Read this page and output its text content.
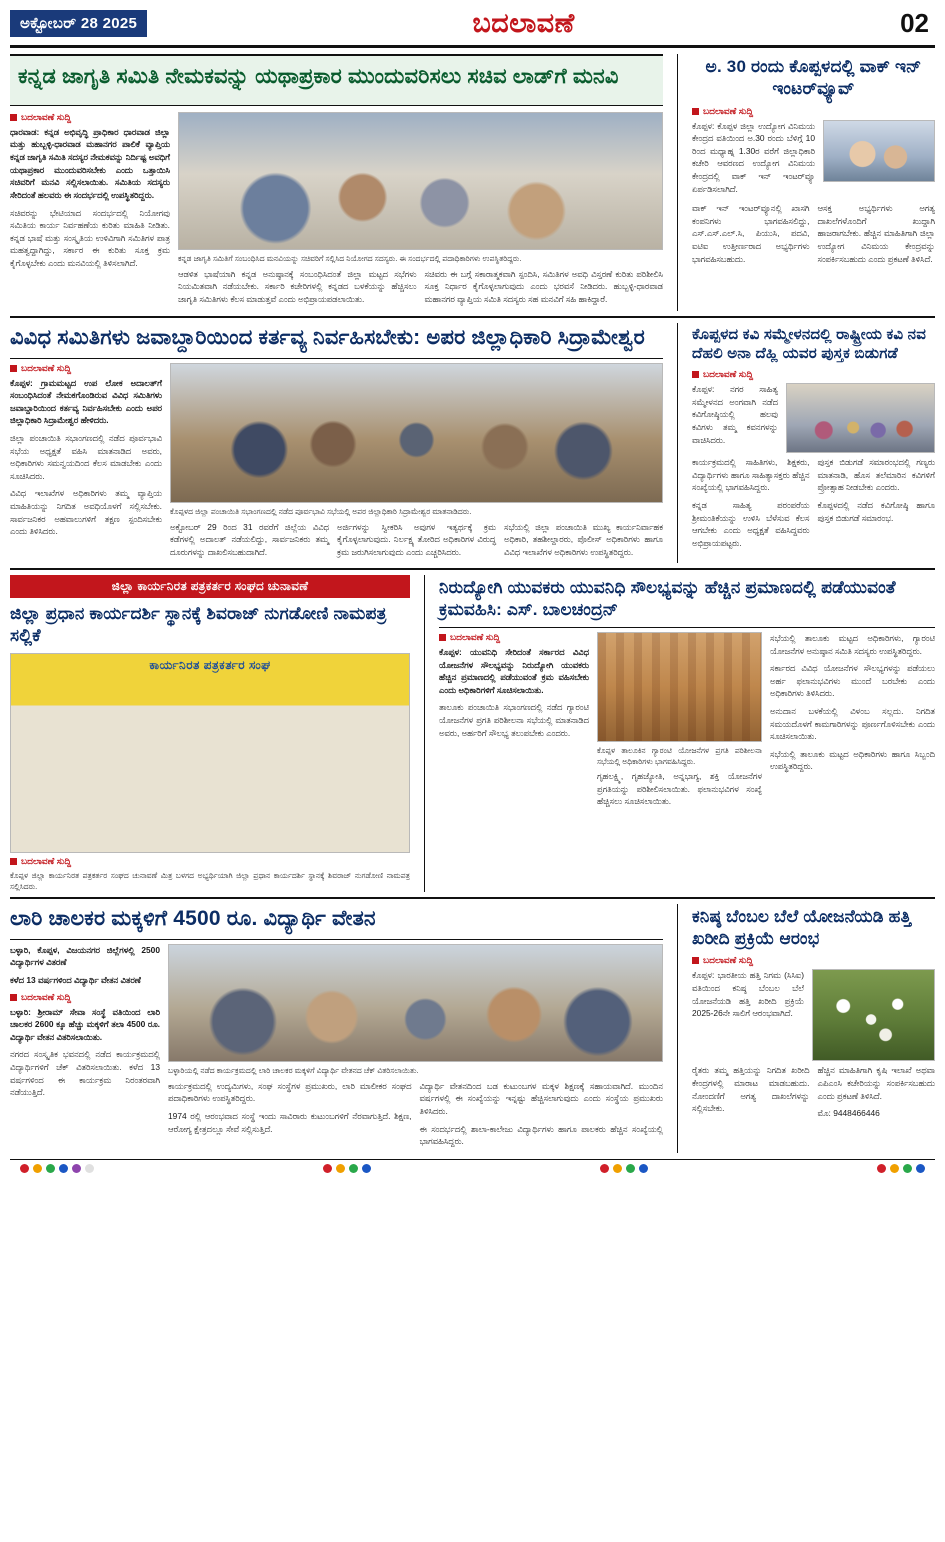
ಅಕ್ಟೋಬರ್ 28 2025	ಬದಲಾವಣೆ	02
ಕನ್ನಡ ಜಾಗೃತಿ ಸಮಿತಿ ನೇಮಕವನ್ನು ಯಥಾಪ್ರಕಾರ ಮುಂದುವರಿಸಲು ಸಚಿವ ಲಾಡ್‌ಗೆ ಮನವಿ
ಬದಲಾವಣೆ ಸುದ್ದಿ

ಧಾರವಾಡ: ಕನ್ನಡ ಅಭಿವೃದ್ಧಿ ಪ್ರಾಧಿಕಾರ ಧಾರವಾಡ ಜಿಲ್ಲಾ ಮತ್ತು ಹುಬ್ಬಳ್ಳಿ-ಧಾರವಾಡ ಮಹಾನಗರ ಪಾಲಿಕೆ ವ್ಯಾಪ್ತಿಯ ಕನ್ನಡ ಜಾಗೃತಿ ಸಮಿತಿ ಸದಸ್ಯರ ನೇಮಕವನ್ನು ನಿರ್ದಿಷ್ಟ ಅವಧಿಗೆ ಯಥಾಪ್ರಕಾರ ಮುಂದುವರಿಸಬೇಕು ಎಂದು ಒತ್ತಾಯಿಸಿ ಸಚಿವರಿಗೆ ಮನವಿ ಸಲ್ಲಿಸಲಾಯಿತು. ಸಮಿತಿಯ ಸದಸ್ಯರು ಸೇರಿದಂತೆ ಹಲವರು ಈ ಸಂದರ್ಭದಲ್ಲಿ ಉಪಸ್ಥಿತರಿದ್ದರು.

ಸಚಿವರನ್ನು ಭೇಟಿಯಾದ ಸಂದರ್ಭದಲ್ಲಿ ನಿಯೋಗವು ಸಮಿತಿಯ ಕಾರ್ಯ ನಿರ್ವಹಣೆಯ ಕುರಿತು ಮಾಹಿತಿ ನೀಡಿತು. ಕನ್ನಡ ಭಾಷೆ ಮತ್ತು ಸಂಸ್ಕೃತಿಯ ಉಳಿವಿಗಾಗಿ ಸಮಿತಿಗಳ ಪಾತ್ರ ಮಹತ್ವದ್ದಾಗಿದ್ದು, ಸರ್ಕಾರ ಈ ಕುರಿತು ಸೂಕ್ತ ಕ್ರಮ ಕೈಗೊಳ್ಳಬೇಕು ಎಂದು ಮನವಿಯಲ್ಲಿ ತಿಳಿಸಲಾಗಿದೆ.	ಕನ್ನಡ ಜಾಗೃತಿ ಸಮಿತಿಗೆ ಸಂಬಂಧಿಸಿದ ಮನವಿಯನ್ನು ಸಚಿವರಿಗೆ ಸಲ್ಲಿಸಿದ ನಿಯೋಗದ ಸದಸ್ಯರು. ಈ ಸಂದರ್ಭದಲ್ಲಿ ಪದಾಧಿಕಾರಿಗಳು ಉಪಸ್ಥಿತರಿದ್ದರು.

ಆಡಳಿತ ಭಾಷೆಯಾಗಿ ಕನ್ನಡ ಅನುಷ್ಠಾನಕ್ಕೆ ಸಂಬಂಧಿಸಿದಂತೆ ಜಿಲ್ಲಾ ಮಟ್ಟದ ಸಭೆಗಳು ನಿಯಮಿತವಾಗಿ ನಡೆಯಬೇಕು. ಸರ್ಕಾರಿ ಕಚೇರಿಗಳಲ್ಲಿ ಕನ್ನಡದ ಬಳಕೆಯನ್ನು ಹೆಚ್ಚಿಸಲು ಜಾಗೃತಿ ಸಮಿತಿಗಳು ಕೆಲಸ ಮಾಡುತ್ತವೆ ಎಂದು ಅಭಿಪ್ರಾಯಪಡಲಾಯಿತು.

ಸಚಿವರು ಈ ಬಗ್ಗೆ ಸಕಾರಾತ್ಮಕವಾಗಿ ಸ್ಪಂದಿಸಿ, ಸಮಿತಿಗಳ ಅವಧಿ ವಿಸ್ತರಣೆ ಕುರಿತು ಪರಿಶೀಲಿಸಿ ಸೂಕ್ತ ನಿರ್ಧಾರ ಕೈಗೊಳ್ಳಲಾಗುವುದು ಎಂದು ಭರವಸೆ ನೀಡಿದರು. ಹುಬ್ಬಳ್ಳಿ-ಧಾರವಾಡ ಮಹಾನಗರ ವ್ಯಾಪ್ತಿಯ ಸಮಿತಿ ಸದಸ್ಯರು ಸಹ ಮನವಿಗೆ ಸಹಿ ಹಾಕಿದ್ದಾರೆ.

ಅ. 30 ರಂದು ಕೊಪ್ಪಳದಲ್ಲಿ ವಾಕ್ ಇನ್ ಇಂಟರ್‌ವ್ಯೂವ್
ಬದಲಾವಣೆ ಸುದ್ದಿ

ಕೊಪ್ಪಳ: ಕೊಪ್ಪಳ ಜಿಲ್ಲಾ ಉದ್ಯೋಗ ವಿನಿಮಯ ಕೇಂದ್ರದ ವತಿಯಿಂದ ಅ.30 ರಂದು ಬೆಳಿಗ್ಗೆ 10 ರಿಂದ ಮಧ್ಯಾಹ್ನ 1.30ರ ವರೆಗೆ ಜಿಲ್ಲಾಧಿಕಾರಿ ಕಚೇರಿ ಆವರಣದ ಉದ್ಯೋಗ ವಿನಿಮಯ ಕೇಂದ್ರದಲ್ಲಿ ವಾಕ್ ಇನ್ ಇಂಟರ್‌ವ್ಯೂ ಏರ್ಪಡಿಸಲಾಗಿದೆ.

ವಾಕ್ ಇನ್ ಇಂಟರ್‌ವ್ಯೂನಲ್ಲಿ ಖಾಸಗಿ ಕಂಪನಿಗಳು ಭಾಗವಹಿಸಲಿದ್ದು, ಎಸ್.ಎಸ್.ಎಲ್.ಸಿ, ಪಿಯುಸಿ, ಪದವಿ, ಐಟಿಐ ಉತ್ತೀರ್ಣರಾದ ಅಭ್ಯರ್ಥಿಗಳು ಭಾಗವಹಿಸಬಹುದು.

ಆಸಕ್ತ ಅಭ್ಯರ್ಥಿಗಳು ಅಗತ್ಯ ದಾಖಲೆಗಳೊಂದಿಗೆ ಖುದ್ದಾಗಿ ಹಾಜರಾಗಬೇಕು. ಹೆಚ್ಚಿನ ಮಾಹಿತಿಗಾಗಿ ಜಿಲ್ಲಾ ಉದ್ಯೋಗ ವಿನಿಮಯ ಕೇಂದ್ರವನ್ನು ಸಂಪರ್ಕಿಸಬಹುದು ಎಂದು ಪ್ರಕಟಣೆ ತಿಳಿಸಿದೆ.

ವಿವಿಧ ಸಮಿತಿಗಳು ಜವಾಬ್ದಾರಿಯಿಂದ ಕರ್ತವ್ಯ ನಿರ್ವಹಿಸಬೇಕು: ಅಪರ ಜಿಲ್ಲಾಧಿಕಾರಿ ಸಿದ್ರಾಮೇಶ್ವರ
ಬದಲಾವಣೆ ಸುದ್ದಿ

ಕೊಪ್ಪಳ: ಗ್ರಾಮಮಟ್ಟದ ಉಪ ಲೋಕ ಅದಾಲತ್‌ಗೆ ಸಂಬಂಧಿಸಿದಂತೆ ನೇಮಕಗೊಂಡಿರುವ ವಿವಿಧ ಸಮಿತಿಗಳು ಜವಾಬ್ದಾರಿಯಿಂದ ಕರ್ತವ್ಯ ನಿರ್ವಹಿಸಬೇಕು ಎಂದು ಅಪರ ಜಿಲ್ಲಾಧಿಕಾರಿ ಸಿದ್ರಾಮೇಶ್ವರ ಹೇಳಿದರು.

ಜಿಲ್ಲಾ ಪಂಚಾಯಿತಿ ಸಭಾಂಗಣದಲ್ಲಿ ನಡೆದ ಪೂರ್ವಭಾವಿ ಸಭೆಯ ಅಧ್ಯಕ್ಷತೆ ವಹಿಸಿ ಮಾತನಾಡಿದ ಅವರು, ಅಧಿಕಾರಿಗಳು ಸಮನ್ವಯದಿಂದ ಕೆಲಸ ಮಾಡಬೇಕು ಎಂದು ಸೂಚಿಸಿದರು.

ವಿವಿಧ ಇಲಾಖೆಗಳ ಅಧಿಕಾರಿಗಳು ತಮ್ಮ ವ್ಯಾಪ್ತಿಯ ಮಾಹಿತಿಯನ್ನು ನಿಗದಿತ ಅವಧಿಯೊಳಗೆ ಸಲ್ಲಿಸಬೇಕು. ಸಾರ್ವಜನಿಕರ ಅಹವಾಲುಗಳಿಗೆ ತಕ್ಷಣ ಸ್ಪಂದಿಸಬೇಕು ಎಂದು ತಿಳಿಸಿದರು.

ಕೊಪ್ಪಳದ ಜಿಲ್ಲಾ ಪಂಚಾಯಿತಿ ಸಭಾಂಗಣದಲ್ಲಿ ನಡೆದ ಪೂರ್ವಭಾವಿ ಸಭೆಯಲ್ಲಿ ಅಪರ ಜಿಲ್ಲಾಧಿಕಾರಿ ಸಿದ್ರಾಮೇಶ್ವರ ಮಾತನಾಡಿದರು.

ಅಕ್ಟೋಬರ್ 29 ರಿಂದ 31 ರವರೆಗೆ ಜಿಲ್ಲೆಯ ವಿವಿಧ ಕಡೆಗಳಲ್ಲಿ ಅದಾಲತ್ ನಡೆಯಲಿದ್ದು, ಸಾರ್ವಜನಿಕರು ತಮ್ಮ ದೂರುಗಳನ್ನು ದಾಖಲಿಸಬಹುದಾಗಿದೆ.

ಅರ್ಜಿಗಳನ್ನು ಸ್ವೀಕರಿಸಿ ಅವುಗಳ ಇತ್ಯರ್ಥಕ್ಕೆ ಕ್ರಮ ಕೈಗೊಳ್ಳಲಾಗುವುದು. ನಿರ್ಲಕ್ಷ್ಯ ತೋರಿದ ಅಧಿಕಾರಿಗಳ ವಿರುದ್ಧ ಕ್ರಮ ಜರುಗಿಸಲಾಗುವುದು ಎಂದು ಎಚ್ಚರಿಸಿದರು.

ಸಭೆಯಲ್ಲಿ ಜಿಲ್ಲಾ ಪಂಚಾಯಿತಿ ಮುಖ್ಯ ಕಾರ್ಯನಿರ್ವಾಹಕ ಅಧಿಕಾರಿ, ತಹಶೀಲ್ದಾರರು, ಪೊಲೀಸ್ ಅಧಿಕಾರಿಗಳು ಹಾಗೂ ವಿವಿಧ ಇಲಾಖೆಗಳ ಅಧಿಕಾರಿಗಳು ಉಪಸ್ಥಿತರಿದ್ದರು.

ಕೊಪ್ಪಳದ ಕವಿ ಸಮ್ಮೇಳನದಲ್ಲಿ ರಾಷ್ಟ್ರೀಯ ಕವಿ ನವ ದೆಹಲಿ ಅನಾ ದೆಹ್ಲಿ ಯವರ ಪುಸ್ತಕ ಬಿಡುಗಡೆ
ಬದಲಾವಣೆ ಸುದ್ದಿ

ಕೊಪ್ಪಳ: ನಗರ ಸಾಹಿತ್ಯ ಸಮ್ಮೇಳನದ ಅಂಗವಾಗಿ ನಡೆದ ಕವಿಗೋಷ್ಠಿಯಲ್ಲಿ ಹಲವು ಕವಿಗಳು ತಮ್ಮ ಕವನಗಳನ್ನು ವಾಚಿಸಿದರು.

ಕಾರ್ಯಕ್ರಮದಲ್ಲಿ ಸಾಹಿತಿಗಳು, ಶಿಕ್ಷಕರು, ವಿದ್ಯಾರ್ಥಿಗಳು ಹಾಗೂ ಸಾಹಿತ್ಯಾಸಕ್ತರು ಹೆಚ್ಚಿನ ಸಂಖ್ಯೆಯಲ್ಲಿ ಭಾಗವಹಿಸಿದ್ದರು.

ಕನ್ನಡ ಸಾಹಿತ್ಯ ಪರಂಪರೆಯ ಶ್ರೀಮಂತಿಕೆಯನ್ನು ಉಳಿಸಿ ಬೆಳೆಸುವ ಕೆಲಸ ಆಗಬೇಕು ಎಂದು ಅಧ್ಯಕ್ಷತೆ ವಹಿಸಿದ್ದವರು ಅಭಿಪ್ರಾಯಪಟ್ಟರು.

ಪುಸ್ತಕ ಬಿಡುಗಡೆ ಸಮಾರಂಭದಲ್ಲಿ ಗಣ್ಯರು ಮಾತನಾಡಿ, ಹೊಸ ತಲೆಮಾರಿನ ಕವಿಗಳಿಗೆ ಪ್ರೋತ್ಸಾಹ ನೀಡಬೇಕು ಎಂದರು.

ಕೊಪ್ಪಳದಲ್ಲಿ ನಡೆದ ಕವಿಗೋಷ್ಠಿ ಹಾಗೂ ಪುಸ್ತಕ ಬಿಡುಗಡೆ ಸಮಾರಂಭ.

ಜಿಲ್ಲಾ ಕಾರ್ಯನಿರತ ಪತ್ರಕರ್ತರ ಸಂಘದ ಚುನಾವಣೆ
ಜಿಲ್ಲಾ ಪ್ರಧಾನ ಕಾರ್ಯದರ್ಶಿ ಸ್ಥಾನಕ್ಕೆ ಶಿವರಾಜ್ ನುಗಡೋಣಿ ನಾಮಪತ್ರ ಸಲ್ಲಿಕೆ
ಕಾರ್ಯನಿರತ ಪತ್ರಕರ್ತರ ಸಂಘ
ಬದಲಾವಣೆ ಸುದ್ದಿ
ಕೊಪ್ಪಳ ಜಿಲ್ಲಾ ಕಾರ್ಯನಿರತ ಪತ್ರಕರ್ತರ ಸಂಘದ ಚುನಾವಣೆ ಮಿತ್ರ ಬಳಗದ ಅಭ್ಯರ್ಥಿಯಾಗಿ ಜಿಲ್ಲಾ ಪ್ರಧಾನ ಕಾರ್ಯದರ್ಶಿ ಸ್ಥಾನಕ್ಕೆ ಶಿವರಾಜ್ ನುಗಡೋಣಿ ನಾಮಪತ್ರ ಸಲ್ಲಿಸಿದರು.
ನಿರುದ್ಯೋಗಿ ಯುವಕರು ಯುವನಿಧಿ ಸೌಲಭ್ಯವನ್ನು ಹೆಚ್ಚಿನ ಪ್ರಮಾಣದಲ್ಲಿ ಪಡೆಯುವಂತೆ ಕ್ರಮವಹಿಸಿ: ಎಸ್. ಬಾಲಚಂದ್ರನ್
ಬದಲಾವಣೆ ಸುದ್ದಿ

ಕೊಪ್ಪಳ: ಯುವನಿಧಿ ಸೇರಿದಂತೆ ಸರ್ಕಾರದ ವಿವಿಧ ಯೋಜನೆಗಳ ಸೌಲಭ್ಯವನ್ನು ನಿರುದ್ಯೋಗಿ ಯುವಕರು ಹೆಚ್ಚಿನ ಪ್ರಮಾಣದಲ್ಲಿ ಪಡೆಯುವಂತೆ ಕ್ರಮ ವಹಿಸಬೇಕು ಎಂದು ಅಧಿಕಾರಿಗಳಿಗೆ ಸೂಚಿಸಲಾಯಿತು.

ತಾಲೂಕು ಪಂಚಾಯಿತಿ ಸಭಾಂಗಣದಲ್ಲಿ ನಡೆದ ಗ್ಯಾರಂಟಿ ಯೋಜನೆಗಳ ಪ್ರಗತಿ ಪರಿಶೀಲನಾ ಸಭೆಯಲ್ಲಿ ಮಾತನಾಡಿದ ಅವರು, ಅರ್ಹರಿಗೆ ಸೌಲಭ್ಯ ತಲುಪಬೇಕು ಎಂದರು.

ಕೊಪ್ಪಳ ತಾಲೂಕಿನ ಗ್ಯಾರಂಟಿ ಯೋಜನೆಗಳ ಪ್ರಗತಿ ಪರಿಶೀಲನಾ ಸಭೆಯಲ್ಲಿ ಅಧಿಕಾರಿಗಳು ಭಾಗವಹಿಸಿದ್ದರು.

ಗೃಹಲಕ್ಷ್ಮಿ, ಗೃಹಜ್ಯೋತಿ, ಅನ್ನಭಾಗ್ಯ, ಶಕ್ತಿ ಯೋಜನೆಗಳ ಪ್ರಗತಿಯನ್ನು ಪರಿಶೀಲಿಸಲಾಯಿತು. ಫಲಾನುಭವಿಗಳ ಸಂಖ್ಯೆ ಹೆಚ್ಚಿಸಲು ಸೂಚಿಸಲಾಯಿತು.

ಸಭೆಯಲ್ಲಿ ತಾಲೂಕು ಮಟ್ಟದ ಅಧಿಕಾರಿಗಳು, ಗ್ಯಾರಂಟಿ ಯೋಜನೆಗಳ ಅನುಷ್ಠಾನ ಸಮಿತಿ ಸದಸ್ಯರು ಉಪಸ್ಥಿತರಿದ್ದರು.

ಸರ್ಕಾರದ ವಿವಿಧ ಯೋಜನೆಗಳ ಸೌಲಭ್ಯಗಳನ್ನು ಪಡೆಯಲು ಅರ್ಹ ಫಲಾನುಭವಿಗಳು ಮುಂದೆ ಬರಬೇಕು ಎಂದು ಅಧಿಕಾರಿಗಳು ತಿಳಿಸಿದರು.

ಅನುದಾನ ಬಳಕೆಯಲ್ಲಿ ವಿಳಂಬ ಸಲ್ಲದು. ನಿಗದಿತ ಸಮಯದೊಳಗೆ ಕಾಮಗಾರಿಗಳನ್ನು ಪೂರ್ಣಗೊಳಿಸಬೇಕು ಎಂದು ಸೂಚಿಸಲಾಯಿತು.

ಸಭೆಯಲ್ಲಿ ತಾಲೂಕು ಮಟ್ಟದ ಅಧಿಕಾರಿಗಳು ಹಾಗೂ ಸಿಬ್ಬಂದಿ ಉಪಸ್ಥಿತರಿದ್ದರು.

ಲಾರಿ ಚಾಲಕರ ಮಕ್ಕಳಿಗೆ 4500 ರೂ. ವಿದ್ಯಾರ್ಥಿ ವೇತನ

ಬಳ್ಳಾರಿ, ಕೊಪ್ಪಳ, ವಿಜಯನಗರ ಜಿಲ್ಲೆಗಳಲ್ಲಿ 2500 ವಿದ್ಯಾರ್ಥಿಗಳ ವಿತರಣೆ

ಕಳೆದ 13 ವರ್ಷಗಳಿಂದ ವಿದ್ಯಾರ್ಥಿ ವೇತನ ವಿತರಣೆ

ಬದಲಾವಣೆ ಸುದ್ದಿ

ಬಳ್ಳಾರಿ: ಶ್ರೀರಾಮ್ ಸೇವಾ ಸಂಸ್ಥೆ ವತಿಯಿಂದ ಲಾರಿ ಚಾಲಕರ 2600 ಕ್ಕೂ ಹೆಚ್ಚು ಮಕ್ಕಳಿಗೆ ತಲಾ 4500 ರೂ. ವಿದ್ಯಾರ್ಥಿ ವೇತನ ವಿತರಿಸಲಾಯಿತು.

ನಗರದ ಸಂಸ್ಕೃತಿಕ ಭವನದಲ್ಲಿ ನಡೆದ ಕಾರ್ಯಕ್ರಮದಲ್ಲಿ ವಿದ್ಯಾರ್ಥಿಗಳಿಗೆ ಚೆಕ್ ವಿತರಿಸಲಾಯಿತು. ಕಳೆದ 13 ವರ್ಷಗಳಿಂದ ಈ ಕಾರ್ಯಕ್ರಮ ನಿರಂತರವಾಗಿ ನಡೆಯುತ್ತಿದೆ.

ಬಳ್ಳಾರಿಯಲ್ಲಿ ನಡೆದ ಕಾರ್ಯಕ್ರಮದಲ್ಲಿ ಲಾರಿ ಚಾಲಕರ ಮಕ್ಕಳಿಗೆ ವಿದ್ಯಾರ್ಥಿ ವೇತನದ ಚೆಕ್ ವಿತರಿಸಲಾಯಿತು.

ಕಾರ್ಯಕ್ರಮದಲ್ಲಿ ಉದ್ಯಮಿಗಳು, ಸಂಘ ಸಂಸ್ಥೆಗಳ ಪ್ರಮುಖರು, ಲಾರಿ ಮಾಲೀಕರ ಸಂಘದ ಪದಾಧಿಕಾರಿಗಳು ಉಪಸ್ಥಿತರಿದ್ದರು.

1974 ರಲ್ಲಿ ಆರಂಭವಾದ ಸಂಸ್ಥೆ ಇಂದು ಸಾವಿರಾರು ಕುಟುಂಬಗಳಿಗೆ ನೆರವಾಗುತ್ತಿದೆ. ಶಿಕ್ಷಣ, ಆರೋಗ್ಯ ಕ್ಷೇತ್ರದಲ್ಲೂ ಸೇವೆ ಸಲ್ಲಿಸುತ್ತಿದೆ.

ವಿದ್ಯಾರ್ಥಿ ವೇತನದಿಂದ ಬಡ ಕುಟುಂಬಗಳ ಮಕ್ಕಳ ಶಿಕ್ಷಣಕ್ಕೆ ಸಹಾಯವಾಗಿದೆ. ಮುಂದಿನ ವರ್ಷಗಳಲ್ಲಿ ಈ ಸಂಖ್ಯೆಯನ್ನು ಇನ್ನಷ್ಟು ಹೆಚ್ಚಿಸಲಾಗುವುದು ಎಂದು ಸಂಸ್ಥೆಯ ಪ್ರಮುಖರು ತಿಳಿಸಿದರು.

ಈ ಸಂದರ್ಭದಲ್ಲಿ ಶಾಲಾ-ಕಾಲೇಜು ವಿದ್ಯಾರ್ಥಿಗಳು ಹಾಗೂ ಪಾಲಕರು ಹೆಚ್ಚಿನ ಸಂಖ್ಯೆಯಲ್ಲಿ ಭಾಗವಹಿಸಿದ್ದರು.

ಕನಿಷ್ಠ ಬೆಂಬಲ ಬೆಲೆ ಯೋಜನೆಯಡಿ ಹತ್ತಿ ಖರೀದಿ ಪ್ರಕ್ರಿಯೆ ಆರಂಭ
ಬದಲಾವಣೆ ಸುದ್ದಿ

ಕೊಪ್ಪಳ: ಭಾರತೀಯ ಹತ್ತಿ ನಿಗಮ (ಸಿಸಿಐ) ವತಿಯಿಂದ ಕನಿಷ್ಠ ಬೆಂಬಲ ಬೆಲೆ ಯೋಜನೆಯಡಿ ಹತ್ತಿ ಖರೀದಿ ಪ್ರಕ್ರಿಯೆ 2025-26ನೇ ಸಾಲಿಗೆ ಆರಂಭವಾಗಿದೆ.

ರೈತರು ತಮ್ಮ ಹತ್ತಿಯನ್ನು ನಿಗದಿತ ಖರೀದಿ ಕೇಂದ್ರಗಳಲ್ಲಿ ಮಾರಾಟ ಮಾಡಬಹುದು. ನೋಂದಣಿಗೆ ಅಗತ್ಯ ದಾಖಲೆಗಳನ್ನು ಸಲ್ಲಿಸಬೇಕು.

ಹೆಚ್ಚಿನ ಮಾಹಿತಿಗಾಗಿ ಕೃಷಿ ಇಲಾಖೆ ಅಥವಾ ಎಪಿಎಂಸಿ ಕಚೇರಿಯನ್ನು ಸಂಪರ್ಕಿಸಬಹುದು ಎಂದು ಪ್ರಕಟಣೆ ತಿಳಿಸಿದೆ.

ಮೊ: 9448466446
